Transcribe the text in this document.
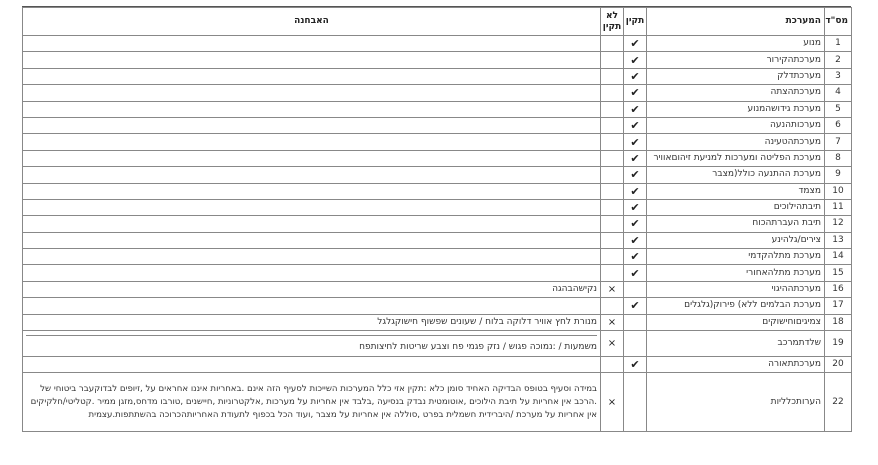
מס"ד	המערכת	תקין	לא תקין	האבחנה
1	מנוע	✔		
2	מערכתהקירור	✔		
3	מערכתדלק	✔		
4	מערכתהצתה	✔		
5	מערכת גידושהמנוע	✔		
6	מערכותהנעה	✔		
7	מערכתהטעינה	✔		
8	מערכת הפליטה ומערכות למניעת זיהוםאוויר	✔		
9	מערכת ההתנעה כולל(מצבר	✔		
10	מצמד	✔		
11	תיבתהילוכים	✔		
12	תיבת העברתהכוח	✔		
13	צירים/גלהינע	✔		
14	מערכת מתלהקדמי	✔		
15	מערכת מתלהאחורי	✔		
16	מערכתההיגוי		×	נקישהבהגה
17	מערכת הבלמים ללא) פירוק(גלגלים	✔		
18	צמיגיםוחישוקים		×	מנורת לחץ אוויר דלוקה בלוח / שעונים שפשוף חישוקגלגל
19	שלדתמרכב		×	משמעות / :נמוכה פגוש / נזק פגמי פח וצבע שריטות לחיצותפח
20	מערכתתאורה	✔		
22	הערותכלליות		×	במידה וסעיף בטופס הבדיקה האחיד סומן כלא :תקין אזי כלל המערכות השייכות לסעיף הזה אינם .באחריות איננו אחראים על ,זיופים לבדוקעבר ביטוחי של .הרכב אין אחריות על תיבת הילוכים ,אוטומטית נבדק בנסיעה ,בלבד אין אחריות על מערכות ,אלקטרוניות ,חיישנים ,טורבו מדחס,מזגן ממיר .קטליטי/חלקיקים אין אחריות על מערכת /היברידית חשמלית בפרט ,סוללה אין אחריות על מצבר ,ועוד הכל בכפוף לתעודת האחריותהכרוכה בהשתתפות.עצמית
